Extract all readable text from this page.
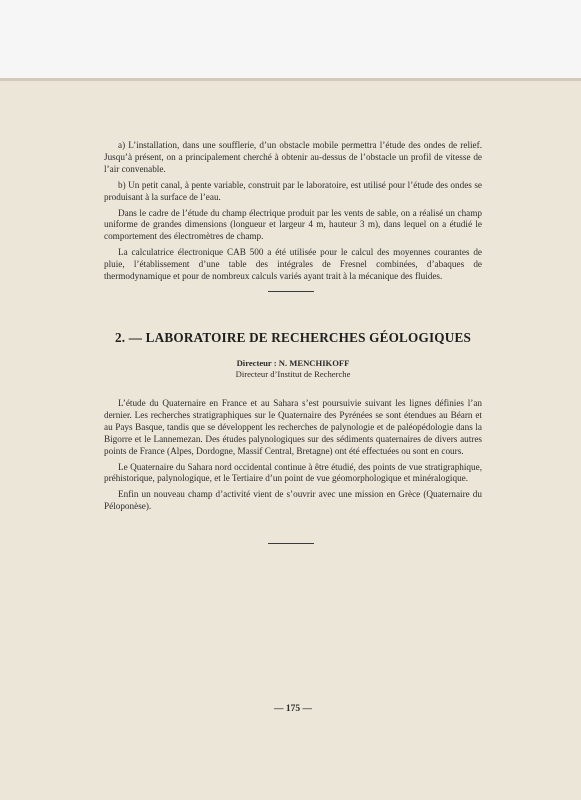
a) L’installation, dans une soufflerie, d’un obstacle mobile permettra l’étude des ondes de relief. Jusqu’à présent, on a principalement cherché à obtenir au-dessus de l’obstacle un profil de vitesse de l’air convenable.

b) Un petit canal, à pente variable, construit par le laboratoire, est utilisé pour l’étude des ondes se produisant à la surface de l’eau.

Dans le cadre de l’étude du champ électrique produit par les vents de sable, on a réalisé un champ uniforme de grandes dimensions (longueur et largeur 4 m, hauteur 3 m), dans lequel on a étudié le comportement des électromètres de champ.

La calculatrice électronique CAB 500 a été utilisée pour le calcul des moyennes courantes de pluie, l’établissement d’une table des intégrales de Fresnel combinées, d’abaques de thermodynamique et pour de nombreux calculs variés ayant trait à la mécanique des fluides.

2. — LABORATOIRE DE RECHERCHES GÉOLOGIQUES
Directeur : N. MENCHIKOFF
Directeur d’Institut de Recherche

L’étude du Quaternaire en France et au Sahara s’est poursuivie suivant les lignes définies l’an dernier. Les recherches stratigraphiques sur le Quaternaire des Pyrénées se sont étendues au Béarn et au Pays Basque, tandis que se développent les recherches de palynologie et de paléopédologie dans la Bigorre et le Lannemezan. Des études palynologiques sur des sédiments quaternaires de divers autres points de France (Alpes, Dordogne, Massif Central, Bretagne) ont été effectuées ou sont en cours.

Le Quaternaire du Sahara nord occidental continue à être étudié, des points de vue stratigraphique, préhistorique, palynologique, et le Tertiaire d’un point de vue géomorphologique et minéralogique.

Enfin un nouveau champ d’activité vient de s’ouvrir avec une mission en Grèce (Quaternaire du Péloponèse).

— 175 —
